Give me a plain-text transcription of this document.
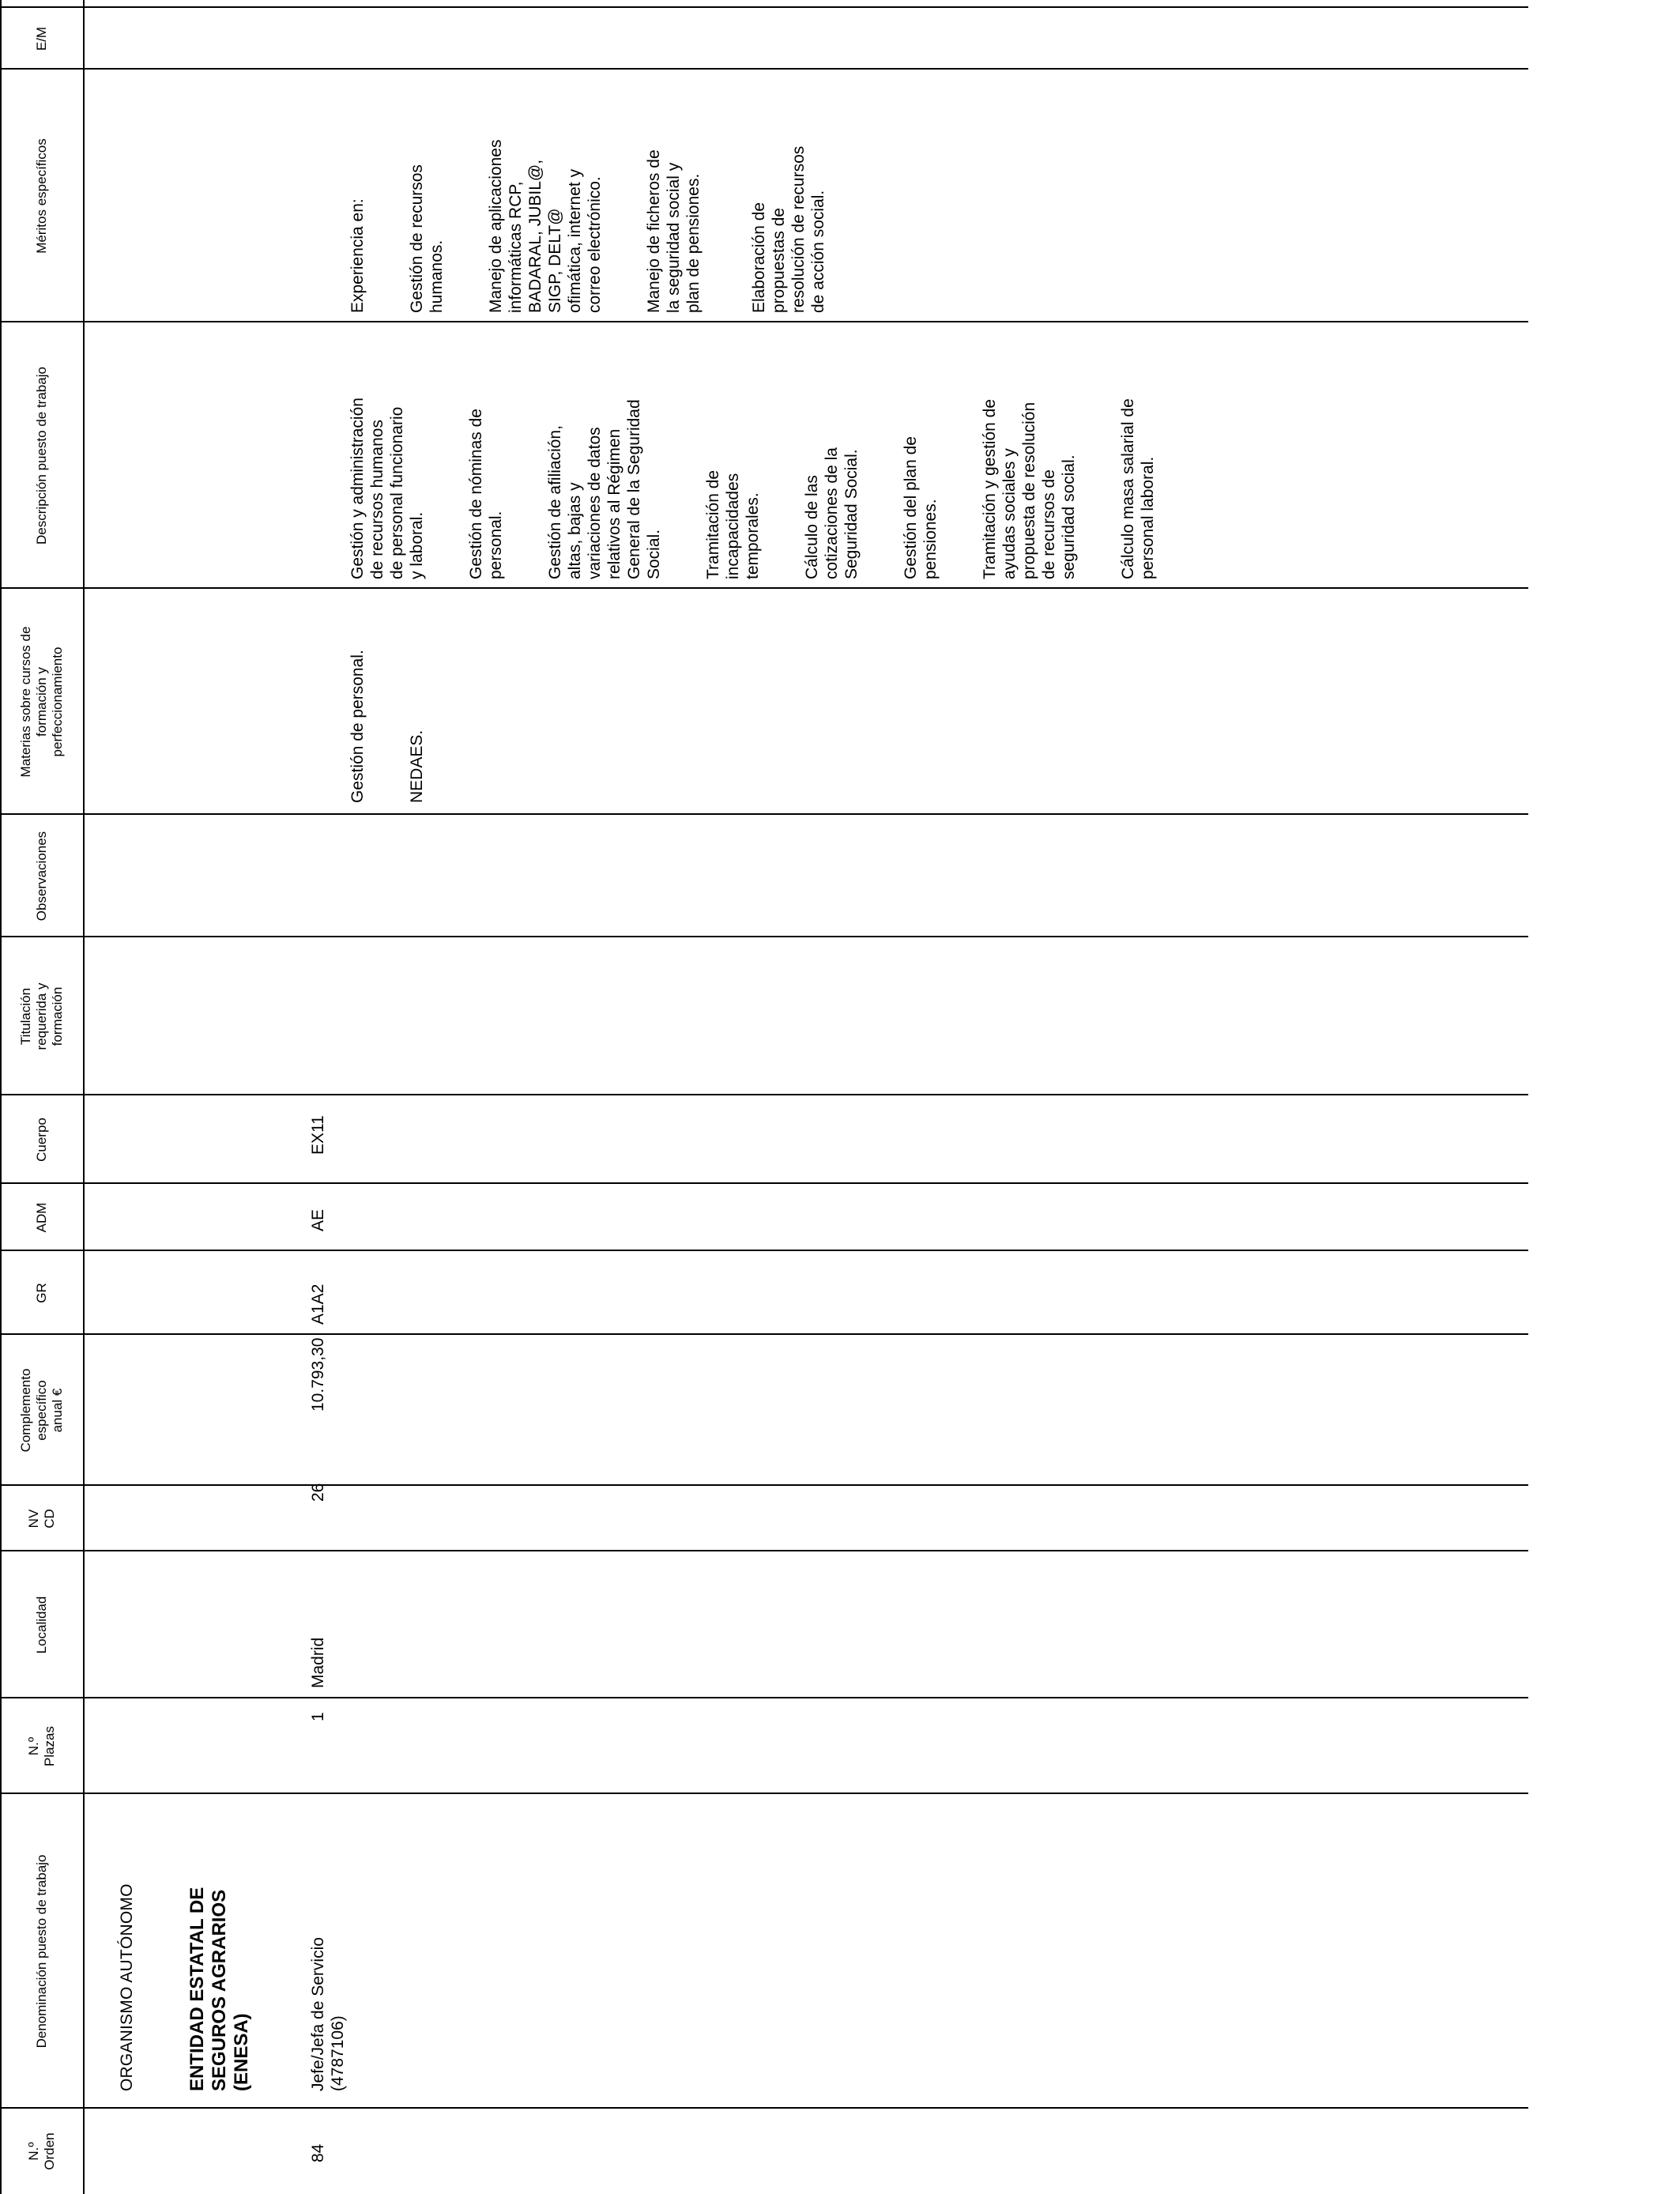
N.º
Orden
Denominación puesto de trabajo
N.º
Plazas
Localidad
NV
CD
Complemento
específico
anual €
GR
ADM
Cuerpo
Titulación
requerida y
formación
Observaciones
Materias sobre cursos de
formación y
perfeccionamiento
Descripción puesto de trabajo
Méritos específicos
E/M
ORGANISMO AUTÓNOMO	ENTIDAD ESTATAL DE
SEGUROS AGRARIOS
(ENESA)
84
Jefe/Jefa de Servicio
(4787106)
1
Madrid
26
10.793,30
A1A2
AE
EX11

Gestión de personal.

NEDAES.

Gestión y administración
de recursos humanos
de personal funcionario
y laboral.

Gestión de nóminas de
personal.

Gestión de afiliación,
altas, bajas y
variaciones de datos
relativos al Régimen
General de la Seguridad
Social.

Tramitación de
incapacidades
temporales.

Cálculo de las
cotizaciones de la
Seguridad Social.

Gestión del plan de
pensiones.

Tramitación y gestión de
ayudas sociales y
propuesta de resolución
de recursos de
seguridad social.

Cálculo masa salarial de
personal laboral.

Experiencia en:

Gestión de recursos
humanos.

Manejo de aplicaciones
informáticas RCP,
BADARAL, JUBIL@,
SIGP, DELT@
ofimática, internet y
correo electrónico.

Manejo de ficheros de
la seguridad social y
plan de pensiones.

Elaboración de
propuestas de
resolución de recursos
de acción social.
